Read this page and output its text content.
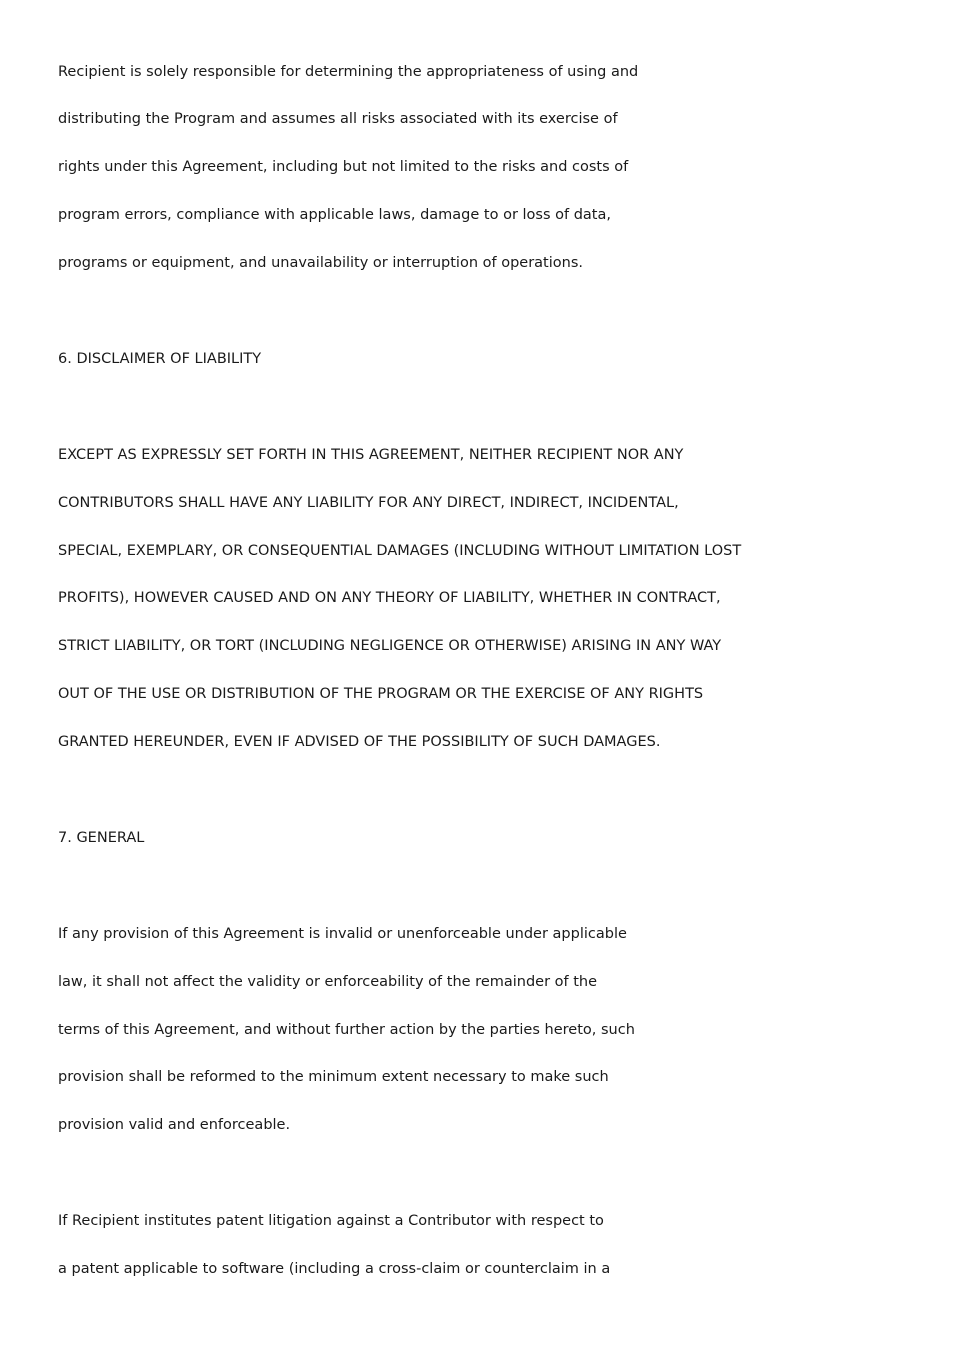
Recipient is solely responsible for determining the appropriateness of using and
distributing the Program and assumes all risks associated with its exercise of
rights under this Agreement, including but not limited to the risks and costs of
program errors, compliance with applicable laws, damage to or loss of data,
programs or equipment, and unavailability or interruption of operations.
6. DISCLAIMER OF LIABILITY
EXCEPT AS EXPRESSLY SET FORTH IN THIS AGREEMENT, NEITHER RECIPIENT NOR ANY
CONTRIBUTORS SHALL HAVE ANY LIABILITY FOR ANY DIRECT, INDIRECT, INCIDENTAL,
SPECIAL, EXEMPLARY, OR CONSEQUENTIAL DAMAGES (INCLUDING WITHOUT LIMITATION LOST
PROFITS), HOWEVER CAUSED AND ON ANY THEORY OF LIABILITY, WHETHER IN CONTRACT,
STRICT LIABILITY, OR TORT (INCLUDING NEGLIGENCE OR OTHERWISE) ARISING IN ANY WAY
OUT OF THE USE OR DISTRIBUTION OF THE PROGRAM OR THE EXERCISE OF ANY RIGHTS
GRANTED HEREUNDER, EVEN IF ADVISED OF THE POSSIBILITY OF SUCH DAMAGES.
7. GENERAL
If any provision of this Agreement is invalid or unenforceable under applicable
law, it shall not affect the validity or enforceability of the remainder of the
terms of this Agreement, and without further action by the parties hereto, such
provision shall be reformed to the minimum extent necessary to make such
provision valid and enforceable.
If Recipient institutes patent litigation against a Contributor with respect to
a patent applicable to software (including a cross-claim or counterclaim in a
